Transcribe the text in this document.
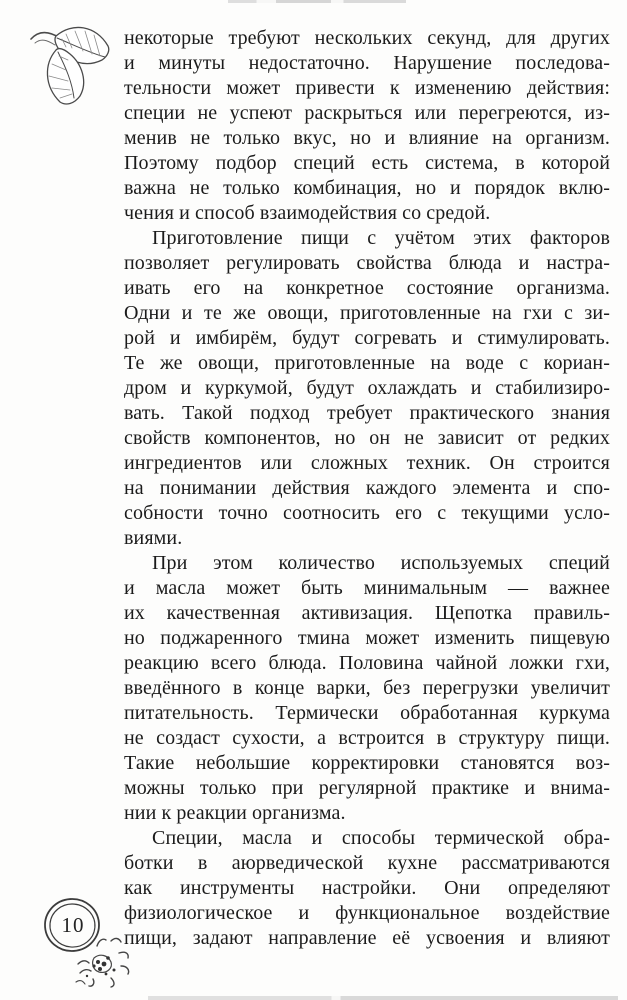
некоторые требуют нескольких секунд, для других
и минуты недостаточно. Нарушение последова-
тельности может привести к изменению действия:
специи не успеют раскрыться или перегреются, из-
менив не только вкус, но и влияние на организм.
Поэтому подбор специй есть система, в которой
важна не только комбинация, но и порядок вклю-
чения и способ взаимодействия со средой.
Приготовление пищи с учётом этих факторов
позволяет регулировать свойства блюда и настра-
ивать его на конкретное состояние организма.
Одни и те же овощи, приготовленные на гхи с зи-
рой и имбирём, будут согревать и стимулировать.
Те же овощи, приготовленные на воде с кориан-
дром и куркумой, будут охлаждать и стабилизиро-
вать. Такой подход требует практического знания
свойств компонентов, но он не зависит от редких
ингредиентов или сложных техник. Он строится
на понимании действия каждого элемента и спо-
собности точно соотносить его с текущими усло-
виями.
При этом количество используемых специй
и масла может быть минимальным — важнее
их качественная активизация. Щепотка правиль-
но поджаренного тмина может изменить пищевую
реакцию всего блюда. Половина чайной ложки гхи,
введённого в конце варки, без перегрузки увеличит
питательность. Термически обработанная куркума
не создаст сухости, а встроится в структуру пищи.
Такие небольшие корректировки становятся воз-
можны только при регулярной практике и внима-
нии к реакции организма.
Специи, масла и способы термической обра-
ботки в аюрведической кухне рассматриваются
как инструменты настройки. Они определяют
физиологическое и функциональное воздействие
пищи, задают направление её усвоения и влияют
10
